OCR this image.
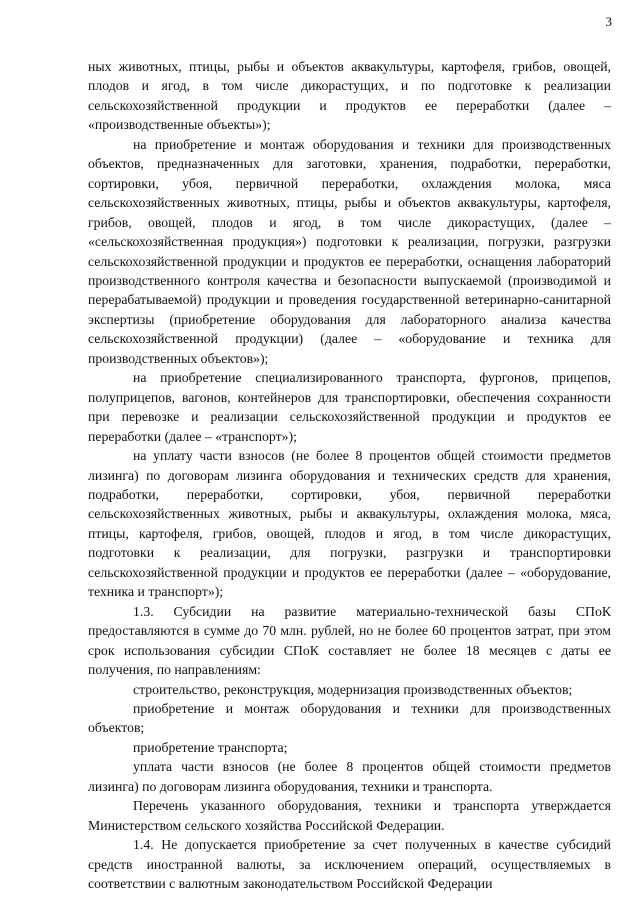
3

ных животных, птицы, рыбы и объектов аквакультуры, картофеля, грибов, овощей, плодов и ягод, в том числе дикорастущих, и по подготовке к реализации сельскохозяйственной продукции и продуктов ее переработки (далее – «производственные объекты»);

на приобретение и монтаж оборудования и техники для производственных объектов, предназначенных для заготовки, хранения, подработки, переработки, сортировки, убоя, первичной переработки, охлаждения молока, мяса сельскохозяйственных животных, птицы, рыбы и объектов аквакультуры, картофеля, грибов, овощей, плодов и ягод, в том числе дикорастущих, (далее – «сельскохозяйственная продукция») подготовки к реализации, погрузки, разгрузки сельскохозяйственной продукции и продуктов ее переработки, оснащения лабораторий производственного контроля качества и безопасности выпускаемой (производимой и перерабатываемой) продукции и проведения государственной ветеринарно-санитарной экспертизы (приобретение оборудования для лабораторного анализа качества сельскохозяйственной продукции) (далее – «оборудование и техника для производственных объектов»);

на приобретение специализированного транспорта, фургонов, прицепов, полуприцепов, вагонов, контейнеров для транспортировки, обеспечения сохранности при перевозке и реализации сельскохозяйственной продукции и продуктов ее переработки (далее – «транспорт»);

на уплату части взносов (не более 8 процентов общей стоимости предметов лизинга) по договорам лизинга оборудования и технических средств для хранения, подработки, переработки, сортировки, убоя, первичной переработки сельскохозяйственных животных, рыбы и аквакультуры, охлаждения молока, мяса, птицы, картофеля, грибов, овощей, плодов и ягод, в том числе дикорастущих, подготовки к реализации, для погрузки, разгрузки и транспортировки сельскохозяйственной продукции и продуктов ее переработки (далее – «оборудование, техника и транспорт»);

1.3. Субсидии на развитие материально-технической базы СПоК предоставляются в сумме до 70 млн. рублей, но не более 60 процентов затрат, при этом срок использования субсидии СПоК составляет не более 18 месяцев с даты ее получения, по направлениям:

строительство, реконструкция, модернизация производственных объектов;

приобретение и монтаж оборудования и техники для производственных объектов;

приобретение транспорта;

уплата части взносов (не более 8 процентов общей стоимости предметов лизинга) по договорам лизинга оборудования, техники и транспорта.

Перечень указанного оборудования, техники и транспорта утверждается Министерством сельского хозяйства Российской Федерации.

1.4. Не допускается приобретение за счет полученных в качестве субсидий средств иностранной валюты, за исключением операций, осуществляемых в соответствии с валютным законодательством Российской Федерации
